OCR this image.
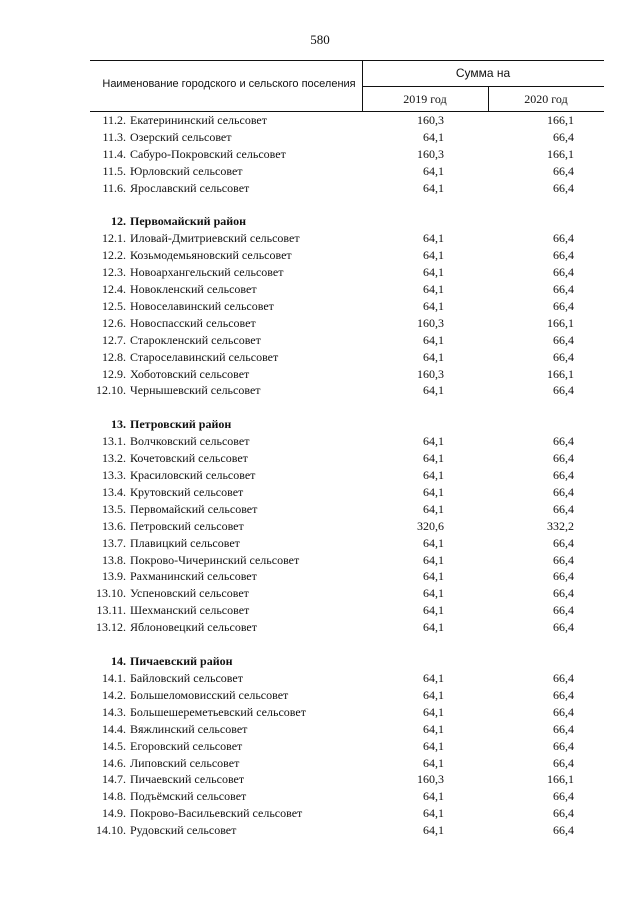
580
Наименование городского и сельского поселения
Сумма на
2019 год	2020 год
11.2. Екатерининский сельсовет	160,3	166,1
11.3. Озерский сельсовет	64,1	66,4
11.4. Сабуро-Покровский сельсовет	160,3	166,1
11.5. Юрловский сельсовет	64,1	66,4
11.6. Ярославский сельсовет	64,1	66,4
12. Первомайский район
12.1. Иловай-Дмитриевский сельсовет	64,1	66,4
12.2. Козьмодемьяновский сельсовет	64,1	66,4
12.3. Новоархангельский сельсовет	64,1	66,4
12.4. Новокленский сельсовет	64,1	66,4
12.5. Новоселавинский сельсовет	64,1	66,4
12.6. Новоспасский сельсовет	160,3	166,1
12.7. Старокленский сельсовет	64,1	66,4
12.8. Староселавинский сельсовет	64,1	66,4
12.9. Хоботовский сельсовет	160,3	166,1
12.10. Чернышевский сельсовет	64,1	66,4
13. Петровский район
13.1. Волчковский сельсовет	64,1	66,4
13.2. Кочетовский сельсовет	64,1	66,4
13.3. Красиловский сельсовет	64,1	66,4
13.4. Крутовский сельсовет	64,1	66,4
13.5. Первомайский сельсовет	64,1	66,4
13.6. Петровский сельсовет	320,6	332,2
13.7. Плавицкий сельсовет	64,1	66,4
13.8. Покрово-Чичеринский сельсовет	64,1	66,4
13.9. Рахманинский сельсовет	64,1	66,4
13.10. Успеновский сельсовет	64,1	66,4
13.11. Шехманский сельсовет	64,1	66,4
13.12. Яблоновецкий сельсовет	64,1	66,4
14. Пичаевский район
14.1. Байловский сельсовет	64,1	66,4
14.2. Большеломовисский сельсовет	64,1	66,4
14.3. Большешереметьевский сельсовет	64,1	66,4
14.4. Вяжлинский сельсовет	64,1	66,4
14.5. Егоровский сельсовет	64,1	66,4
14.6. Липовский сельсовет	64,1	66,4
14.7. Пичаевский сельсовет	160,3	166,1
14.8. Подъёмский сельсовет	64,1	66,4
14.9. Покрово-Васильевский сельсовет	64,1	66,4
14.10. Рудовский сельсовет	64,1	66,4
